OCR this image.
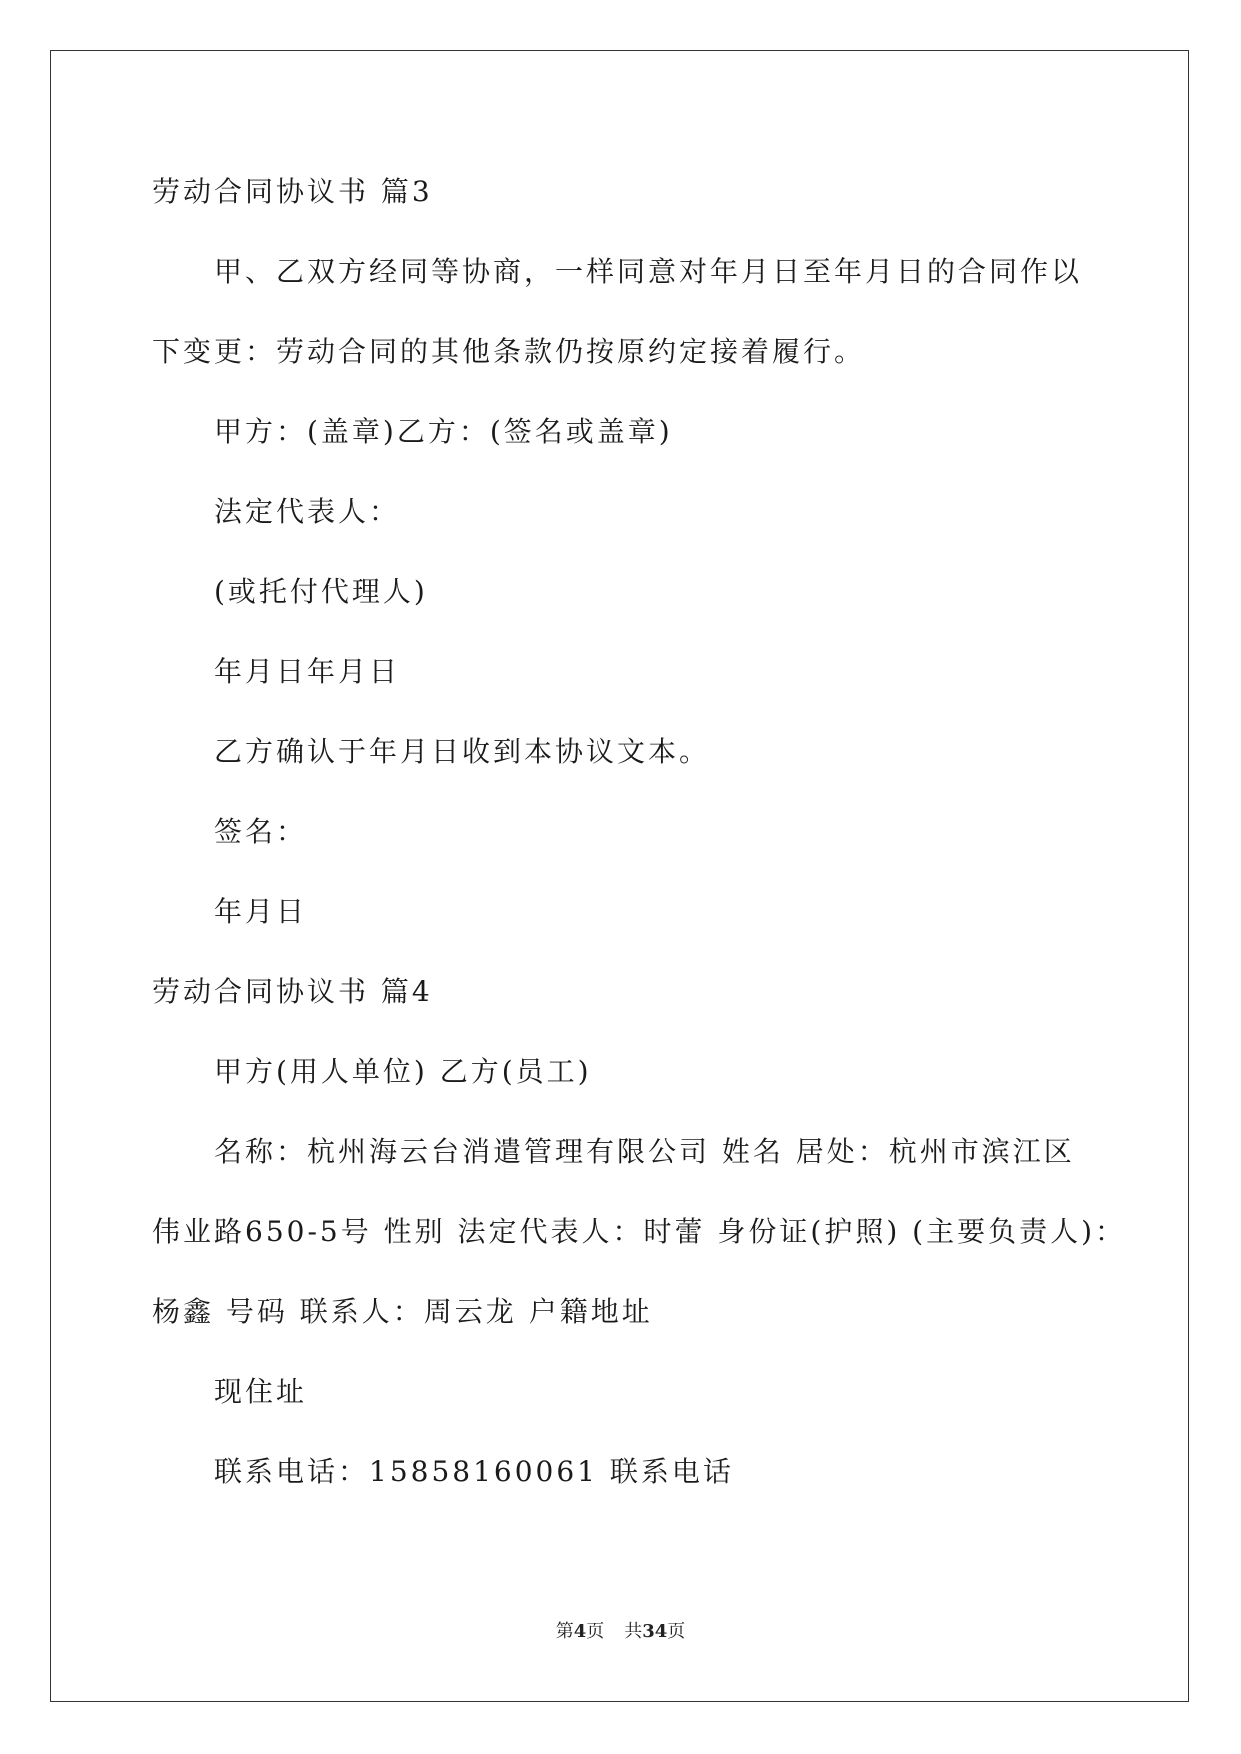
劳动合同协议书 篇3
甲、乙双方经同等协商，一样同意对年月日至年月日的合同作以
下变更：劳动合同的其他条款仍按原约定接着履行。
甲方：(盖章)乙方：(签名或盖章)
法定代表人：
(或托付代理人)
年月日年月日
乙方确认于年月日收到本协议文本。
签名：
年月日
劳动合同协议书 篇4
甲方(用人单位) 乙方(员工)
名称：杭州海云台消遣管理有限公司 姓名 居处：杭州市滨江区
伟业路650-5号 性别 法定代表人：时蕾 身份证(护照) (主要负责人)：
杨鑫 号码 联系人：周云龙 户籍地址
现住址
联系电话：15858160061 联系电话
第4页 共34页
